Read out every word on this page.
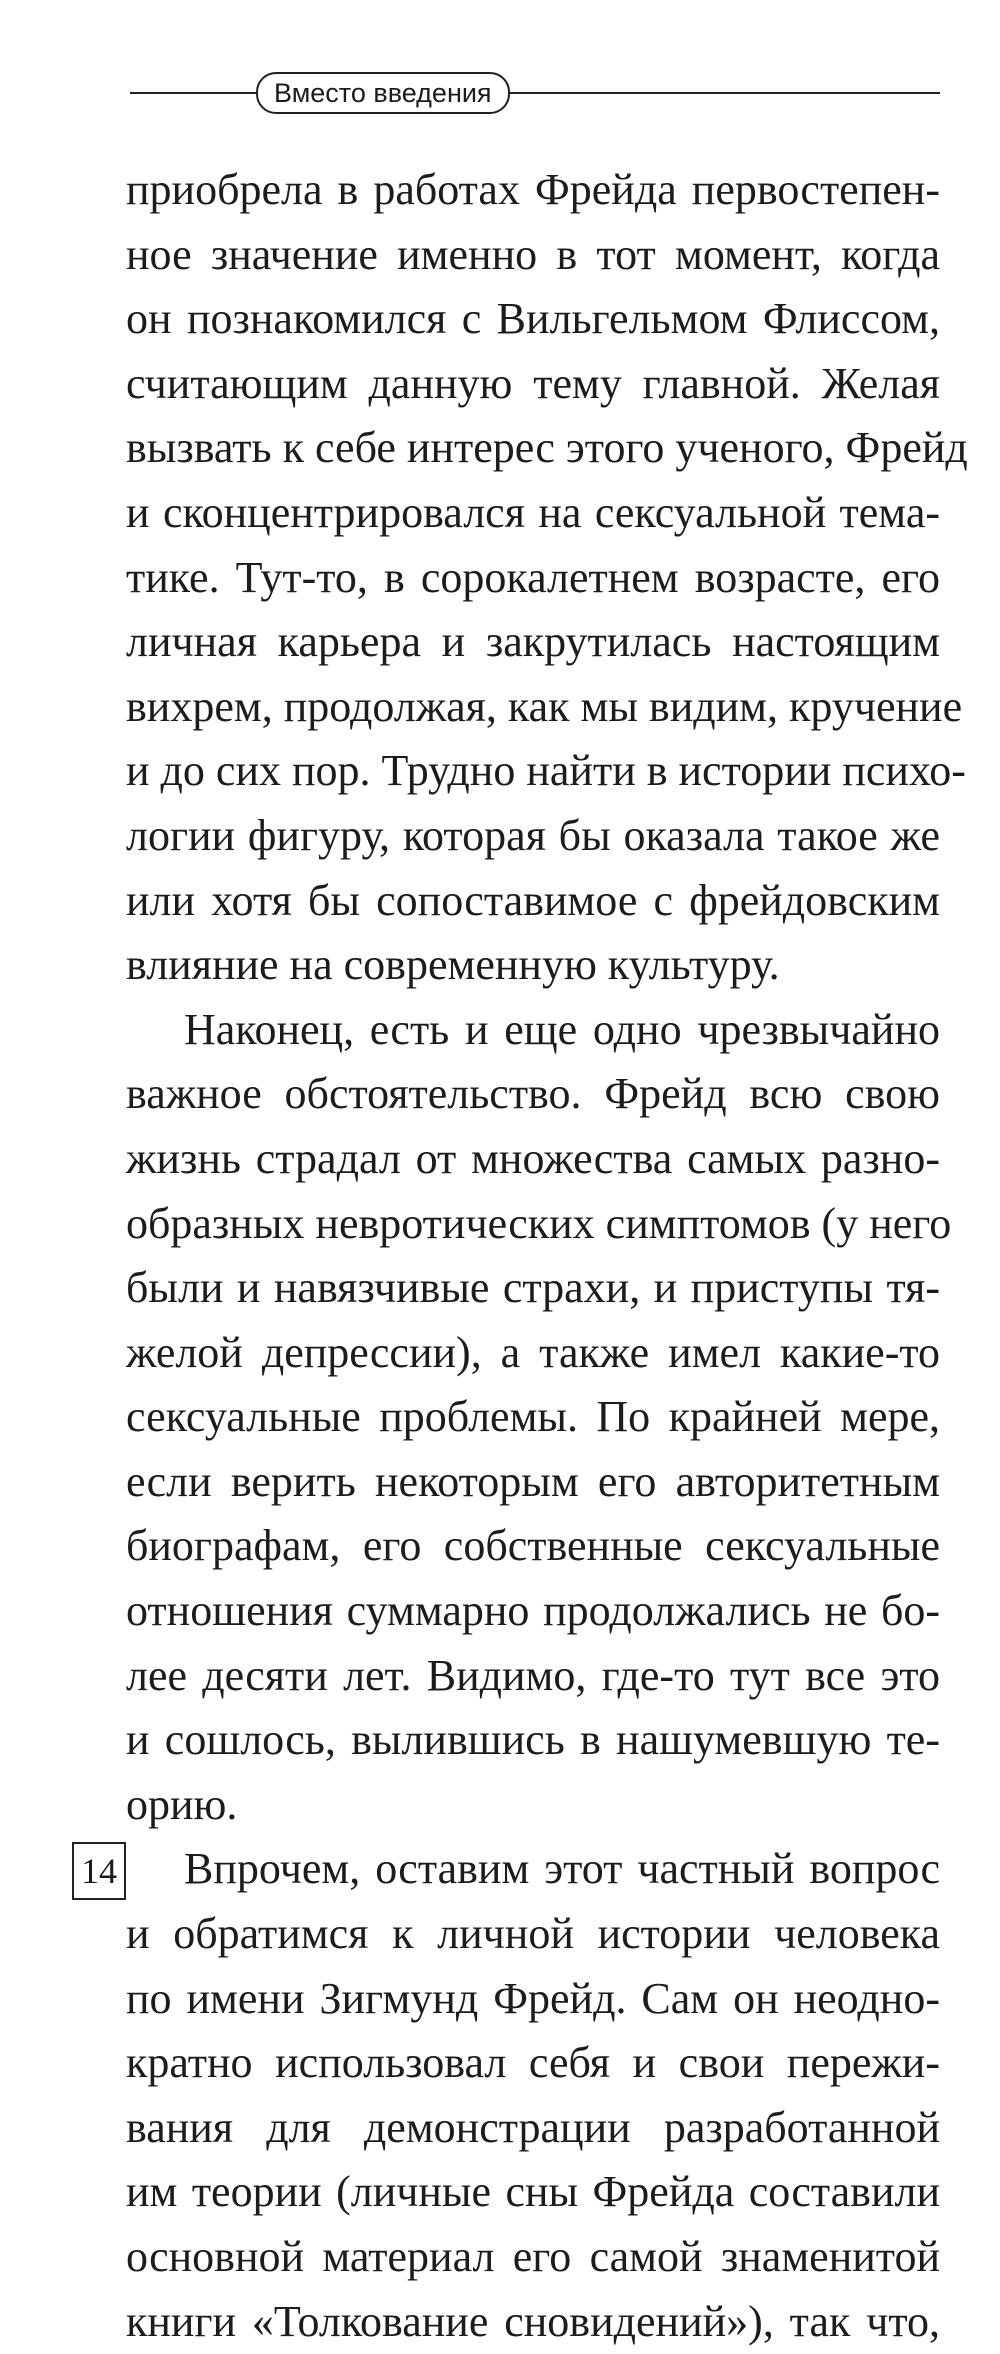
Вместо введения
приобрела в работах Фрейда первостепен-
ное значение именно в тот момент, когда
он познакомился с Вильгельмом Флиссом,
считающим данную тему главной. Желая
вызвать к себе интерес этого ученого, Фрейд
и сконцентрировался на сексуальной тема-
тике. Тут-то, в сорокалетнем возрасте, его
личная карьера и закрутилась настоящим
вихрем, продолжая, как мы видим, кручение
и до сих пор. Трудно найти в истории психо-
логии фигуру, которая бы оказала такое же
или хотя бы сопоставимое с фрейдовским
влияние на современную культуру.
Наконец, есть и еще одно чрезвычайно
важное обстоятельство. Фрейд всю свою
жизнь страдал от множества самых разно-
образных невротических симптомов (у него
были и навязчивые страхи, и приступы тя-
желой депрессии), а также имел какие-то
сексуальные проблемы. По крайней мере,
если верить некоторым его авторитетным
биографам, его собственные сексуальные
отношения суммарно продолжались не бо-
лее десяти лет. Видимо, где-то тут все это
и сошлось, вылившись в нашумевшую те-
орию.
Впрочем, оставим этот частный вопрос
и обратимся к личной истории человека
по имени Зигмунд Фрейд. Сам он неодно-
кратно использовал себя и свои пережи-
вания для демонстрации разработанной
им теории (личные сны Фрейда составили
основной материал его самой знаменитой
книги «Толкование сновидений»), так что,
14
